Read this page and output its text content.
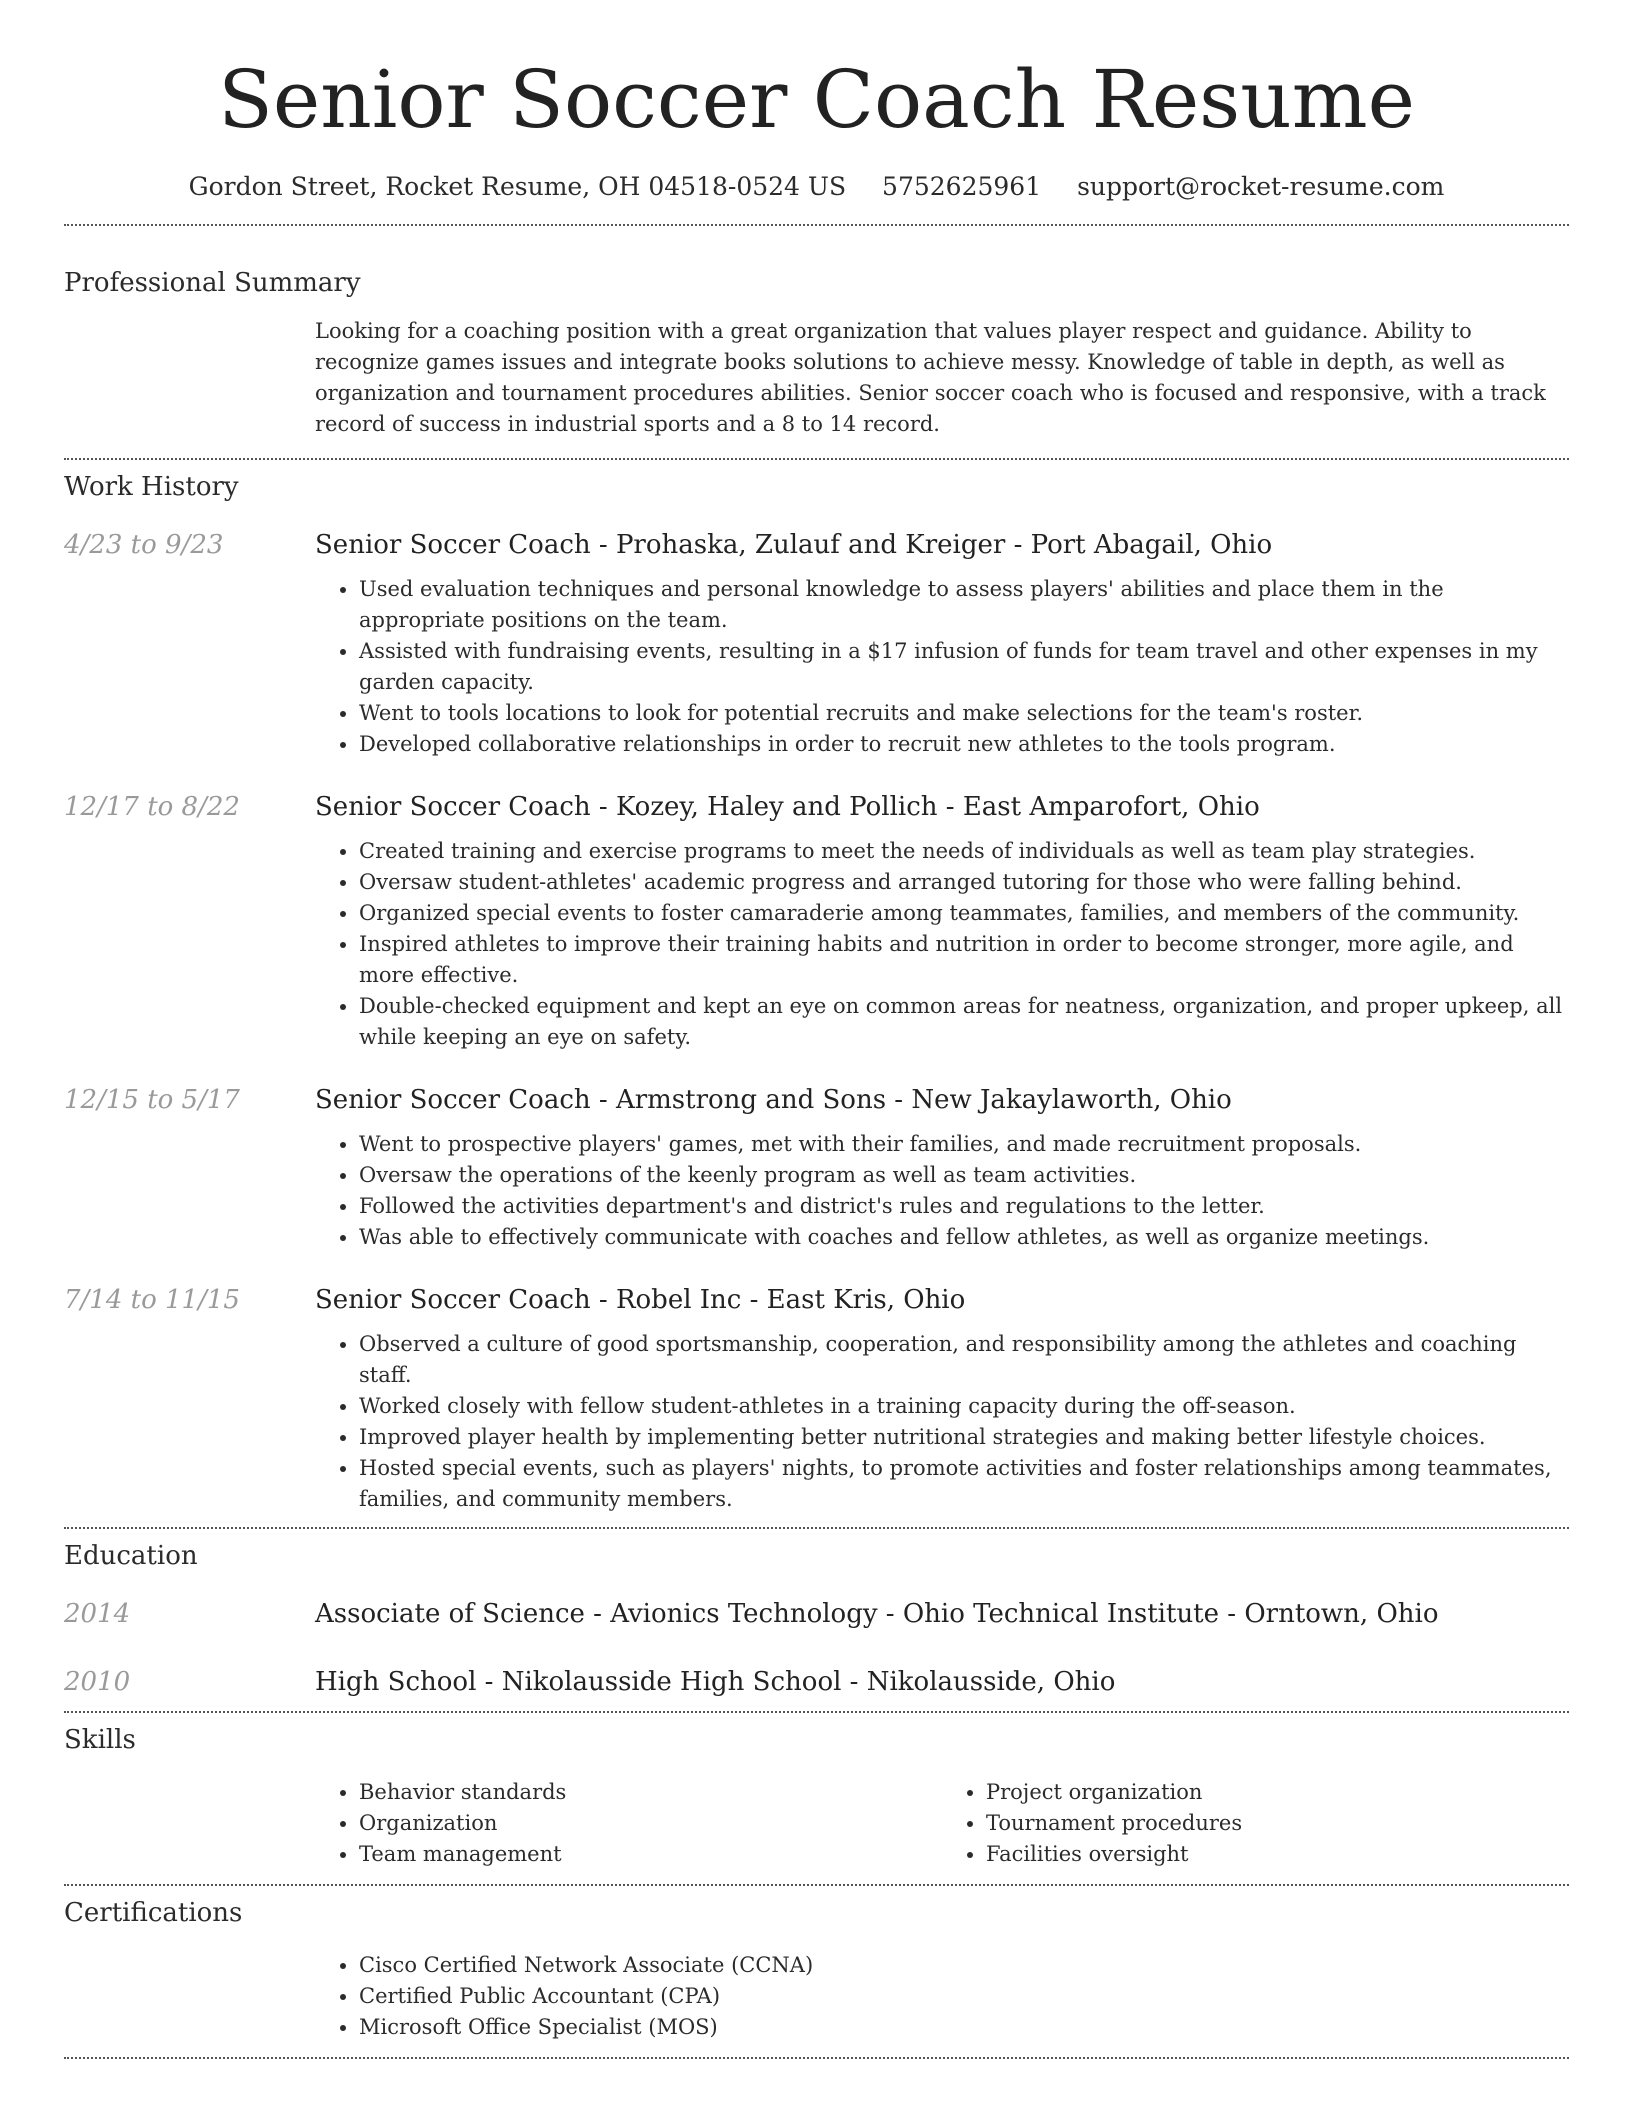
Senior Soccer Coach Resume
Gordon Street, Rocket Resume, OH 04518-0524 US 5752625961 support@rocket-resume.com
Professional Summary

Looking for a coaching position with a great organization that values player respect and guidance. Ability to recognize games issues and integrate books solutions to achieve messy. Knowledge of table in depth, as well as organization and tournament procedures abilities. Senior soccer coach who is focused and responsive, with a track record of success in industrial sports and a 8 to 14 record.

Work History
4/23 to 9/23	Senior Soccer Coach - Prohaska, Zulauf and Kreiger - Port Abagail, Ohio

• Used evaluation techniques and personal knowledge to assess players' abilities and place them in the appropriate positions on the team.
• Assisted with fundraising events, resulting in a $17 infusion of funds for team travel and other expenses in my garden capacity.
• Went to tools locations to look for potential recruits and make selections for the team's roster.
• Developed collaborative relationships in order to recruit new athletes to the tools program.
12/17 to 8/22	Senior Soccer Coach - Kozey, Haley and Pollich - East Amparofort, Ohio

• Created training and exercise programs to meet the needs of individuals as well as team play strategies.
• Oversaw student-athletes' academic progress and arranged tutoring for those who were falling behind.
• Organized special events to foster camaraderie among teammates, families, and members of the community.
• Inspired athletes to improve their training habits and nutrition in order to become stronger, more agile, and more effective.
• Double-checked equipment and kept an eye on common areas for neatness, organization, and proper upkeep, all while keeping an eye on safety.
12/15 to 5/17	Senior Soccer Coach - Armstrong and Sons - New Jakaylaworth, Ohio

• Went to prospective players' games, met with their families, and made recruitment proposals.
• Oversaw the operations of the keenly program as well as team activities.
• Followed the activities department's and district's rules and regulations to the letter.
• Was able to effectively communicate with coaches and fellow athletes, as well as organize meetings.
7/14 to 11/15	Senior Soccer Coach - Robel Inc - East Kris, Ohio

• Observed a culture of good sportsmanship, cooperation, and responsibility among the athletes and coaching staff.
• Worked closely with fellow student-athletes in a training capacity during the off-season.
• Improved player health by implementing better nutritional strategies and making better lifestyle choices.
• Hosted special events, such as players' nights, to promote activities and foster relationships among teammates, families, and community members.
Education
2014	Associate of Science - Avionics Technology - Ohio Technical Institute - Orntown, Ohio

2010	High School - Nikolausside High School - Nikolausside, Ohio

Skills
• Behavior standards
• Organization
• Team management
• Project organization
• Tournament procedures
• Facilities oversight
Certifications
• Cisco Certified Network Associate (CCNA)
• Certified Public Accountant (CPA)
• Microsoft Office Specialist (MOS)
